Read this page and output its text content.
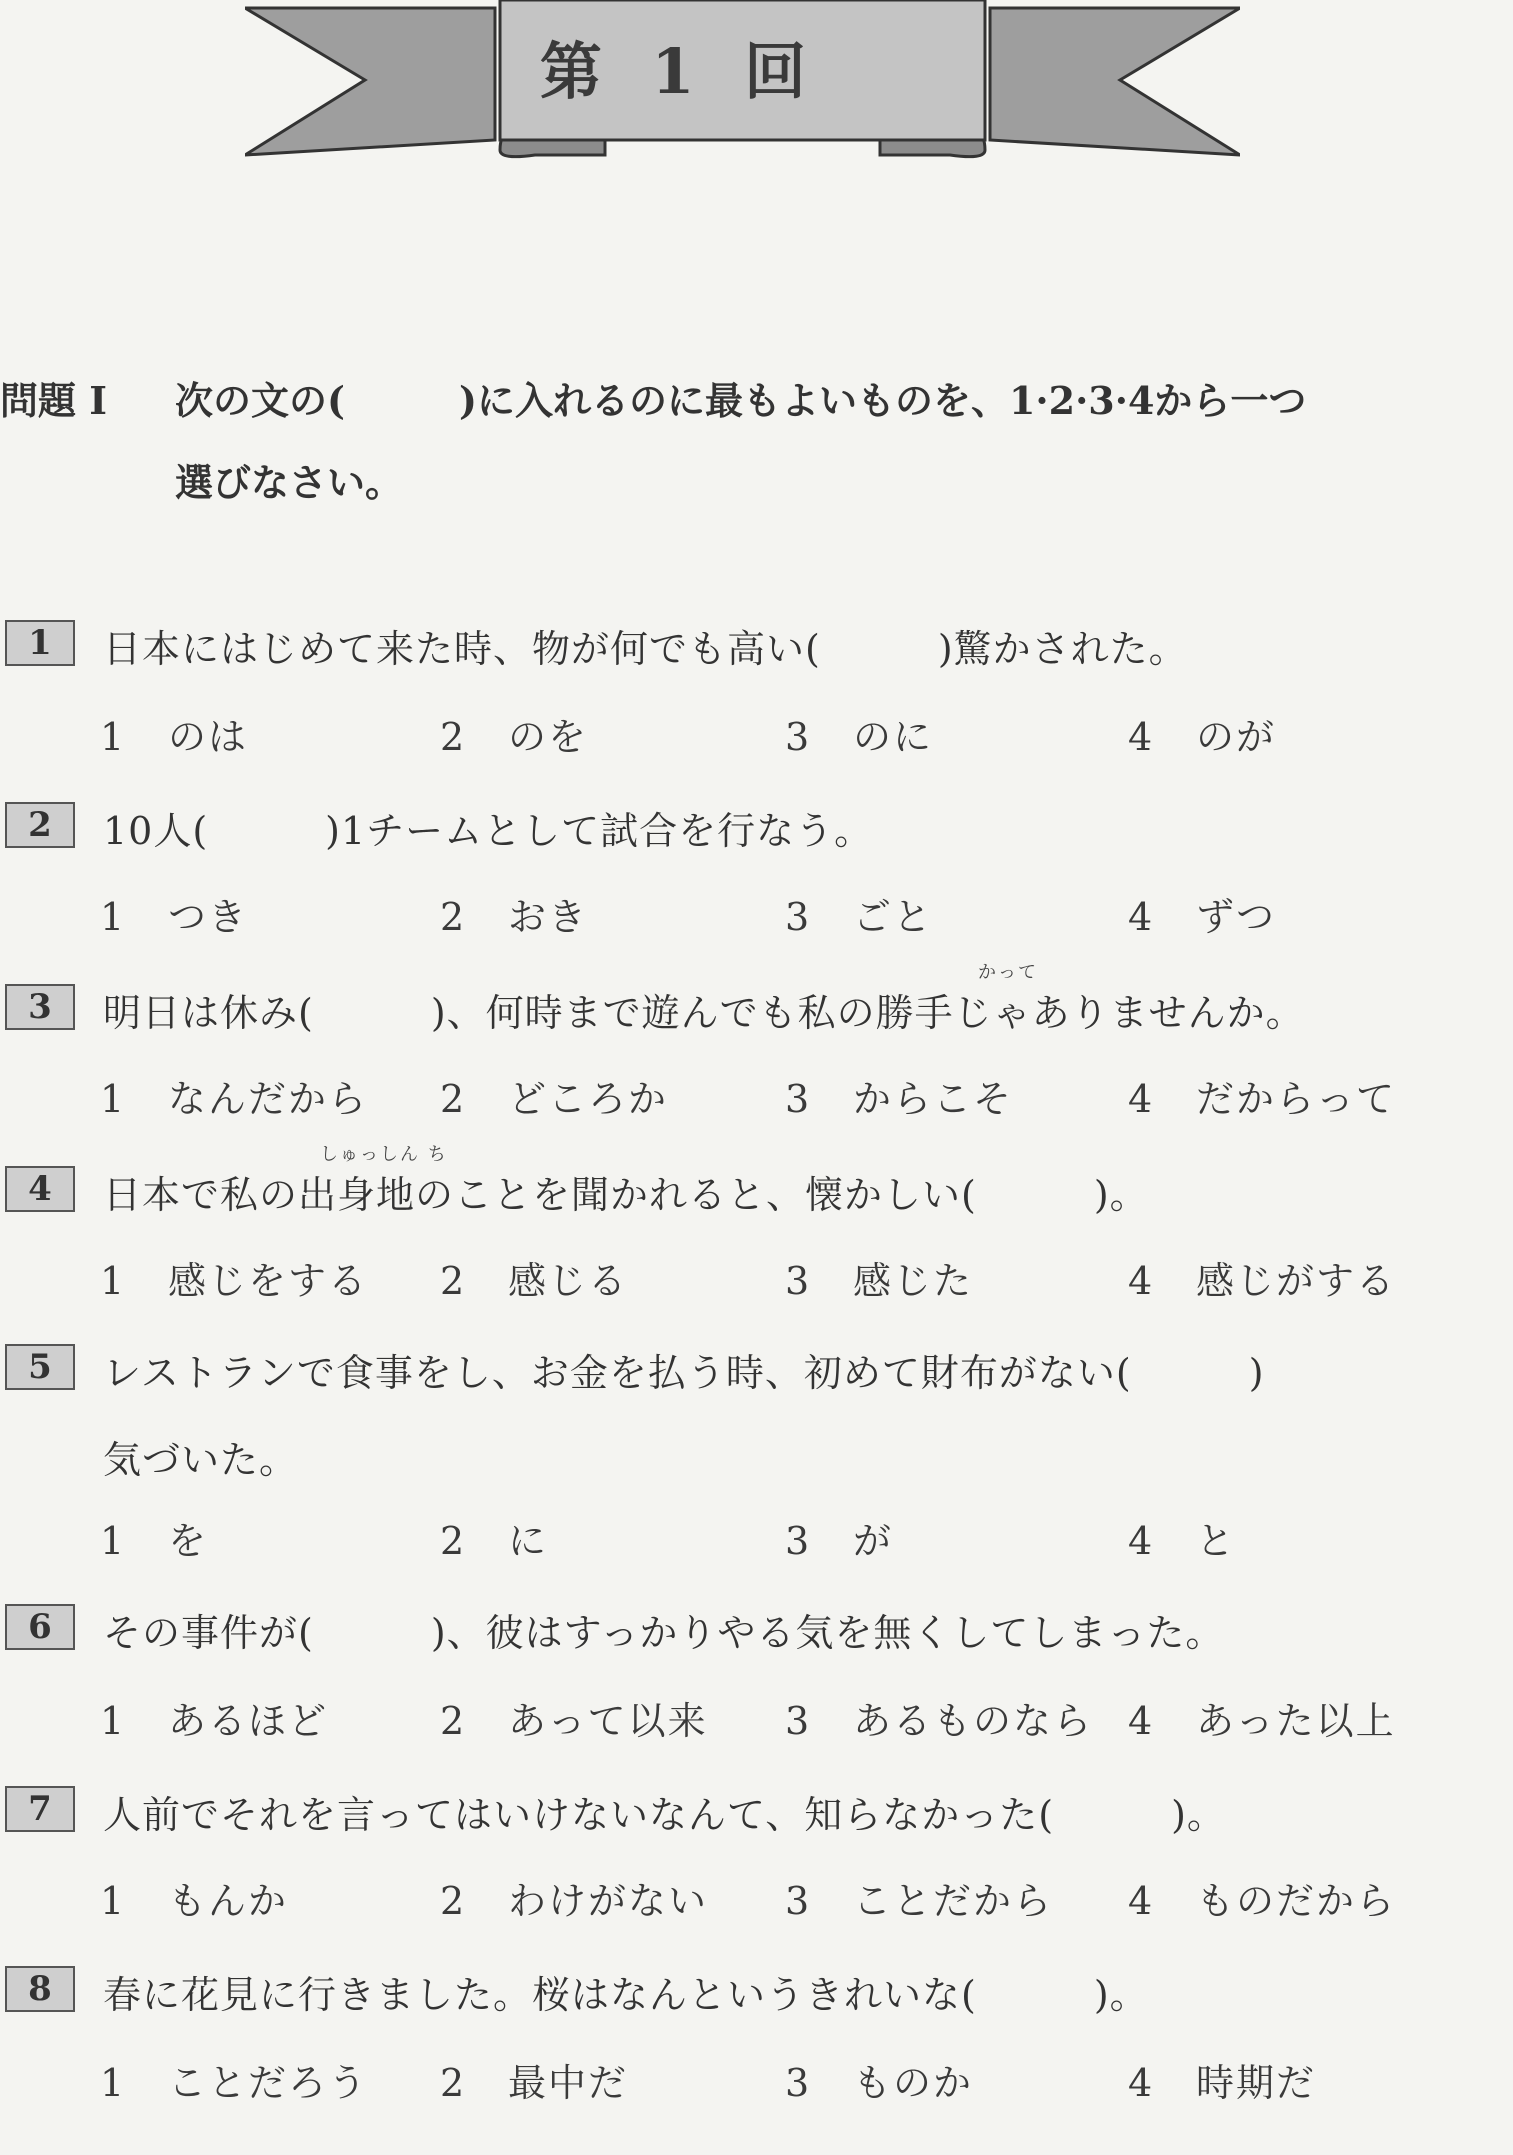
第 1 回
問題 I 次の文の(　　　)に入れるのに最もよいものを、1·2·3·4から一つ
選びなさい。
1	日本にはじめて来た時、物が何でも高い(　　　)驚かされた。
1 のは	2 のを	3 のに	4 のが
2	10人(　　　)1チームとして試合を行なう。
1 つき	2 おき	3 ごと	4 ずつ
かって
3	明日は休み(　　　)、何時まで遊んでも私の勝手じゃありませんか。
1 なんだから 2 どころか	3 からこそ	4 だからって
しゅっしん ち
4	日本で私の出身地のことを聞かれると、懐かしい(　　　)。
1 感じをする 2 感じる	3 感じた	4 感じがする
5	レストランで食事をし、お金を払う時、初めて財布がない(　　　)
気づいた。
1 を	2 に	3 が	4 と
6	その事件が(　　　)、彼はすっかりやる気を無くしてしまった。
1 あるほど	2 あって以来 3 あるものなら 4 あった以上
7	人前でそれを言ってはいけないなんて、知らなかった(　　　)。
1 もんか	2 わけがない 3 ことだから 4 ものだから
8	春に花見に行きました。桜はなんというきれいな(　　　)。
1 ことだろう 2 最中だ	3 ものか	4 時期だ
